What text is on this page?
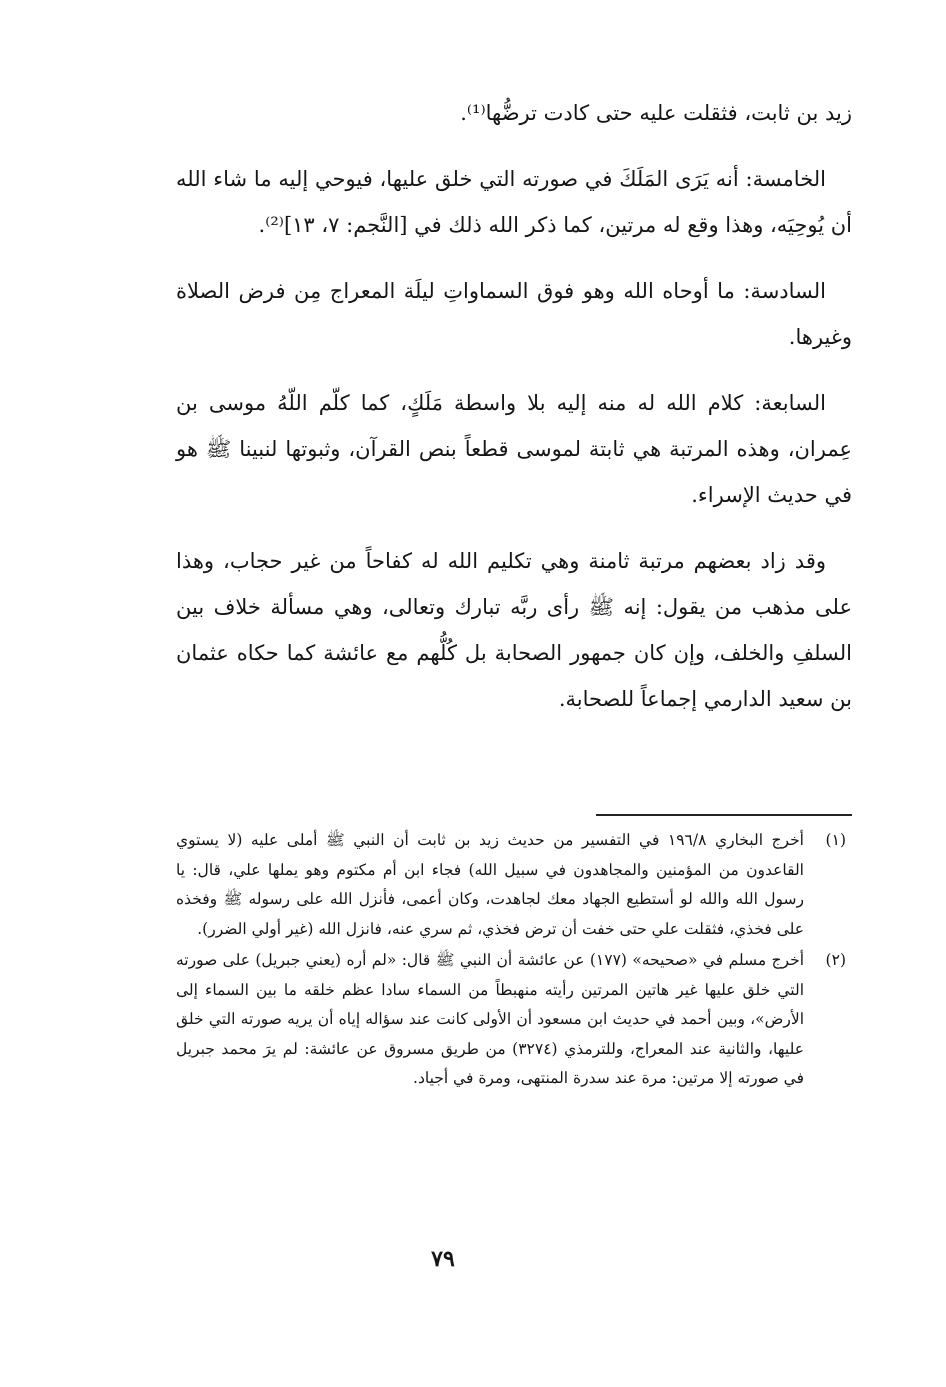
زيد بن ثابت، فثقلت عليه حتى كادت ترضُّها⁽¹⁾.

الخامسة: أنه يَرَى المَلَكَ في صورته التي خلق عليها، فيوحي إليه ما شاء الله أن يُوحِيَه، وهذا وقع له مرتين، كما ذكر الله ذلك في [النَّجم: ٧، ١٣]⁽²⁾.

السادسة: ما أوحاه الله وهو فوق السماواتِ ليلَة المعراج مِن فرض الصلاة وغيرها.

السابعة: كلام الله له منه إليه بلا واسطة مَلَكٍ، كما كلّم اللّهُ موسى بن عِمران، وهذه المرتبة هي ثابتة لموسى قطعاً بنص القرآن، وثبوتها لنبينا ﷺ هو في حديث الإسراء.

وقد زاد بعضهم مرتبة ثامنة وهي تكليم الله له كفاحاً من غير حجاب، وهذا على مذهب من يقول: إنه ﷺ رأى ربَّه تبارك وتعالى، وهي مسألة خلاف بين السلفِ والخلف، وإن كان جمهور الصحابة بل كُلُّهم مع عائشة كما حكاه عثمان بن سعيد الدارمي إجماعاً للصحابة.

(١)
أخرج البخاري ١٩٦/٨ في التفسير من حديث زيد بن ثابت أن النبي ﷺ أملى عليه (لا يستوي القاعدون من المؤمنين والمجاهدون في سبيل الله) فجاء ابن أم مكتوم وهو يملها علي، قال: يا رسول الله والله لو أستطيع الجهاد معك لجاهدت، وكان أعمى، فأنزل الله على رسوله ﷺ وفخذه على فخذي، فثقلت علي حتى خفت أن ترض فخذي، ثم سري عنه، فانزل الله (غير أولي الضرر).
(٢)
أخرج مسلم في «صحيحه» (١٧٧) عن عائشة أن النبي ﷺ قال: «لم أره (يعني جبريل) على صورته التي خلق عليها غير هاتين المرتين رأيته منهبطاً من السماء سادا عظم خلقه ما بين السماء إلى الأرض»، وبين أحمد في حديث ابن مسعود أن الأولى كانت عند سؤاله إياه أن يريه صورته التي خلق عليها، والثانية عند المعراج، وللترمذي (٣٢٧٤) من طريق مسروق عن عائشة: لم يرَ محمد جبريل في صورته إلا مرتين: مرة عند سدرة المنتهى، ومرة في أجياد.
٧٩
